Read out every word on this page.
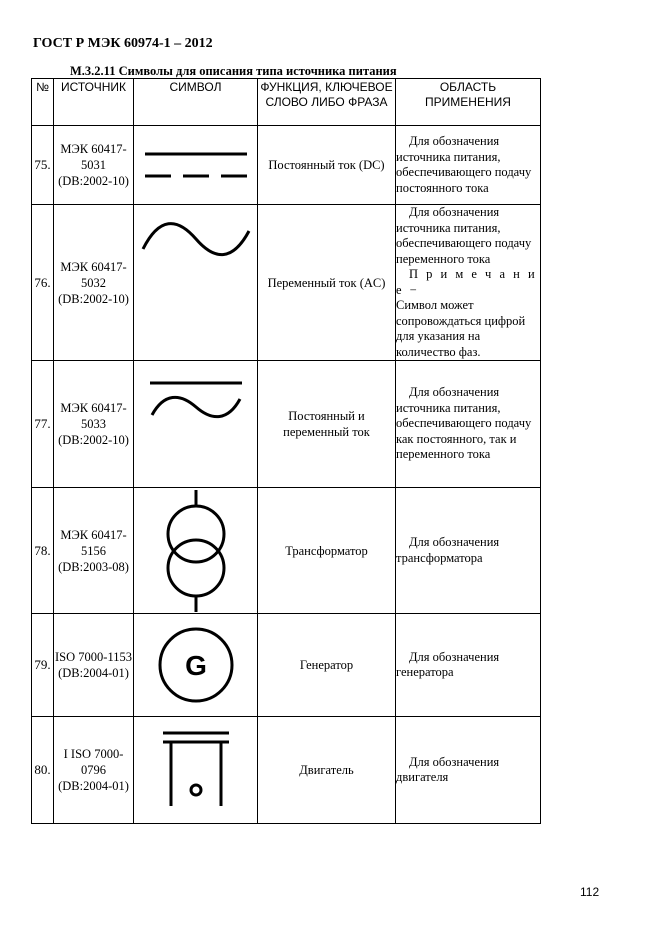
ГОСТ Р МЭК 60974-1 – 2012
М.3.2.11 Символы для описания типа источника питания
№	ИСТОЧНИК	СИМВОЛ	ФУНКЦИЯ, КЛЮЧЕВОЕ СЛОВО ЛИБО ФРАЗА	ОБЛАСТЬ ПРИМЕНЕНИЯ
75.	МЭК 60417-5031 (DB:2002-10)		Постоянный ток (DC)	Для обозначения источника питания, обеспечивающего подачу постоянного тока

76.	МЭК 60417-5032 (DB:2002-10)		Переменный ток (AC)	Для обозначения источника питания, обеспечивающего подачу переменного тока
П р и м е ч а н и е −
Символ может сопровождаться цифрой для указания на количество фаз.

77.	МЭК 60417-5033 (DB:2002-10)		Постоянный и переменный ток	Для обозначения источника питания, обеспечивающего подачу как постоянного, так и переменного тока

78.	МЭК 60417-5156 (DB:2003-08)		Трансформатор	Для обозначения трансформатора

79.	ISO 7000-1153 (DB:2004-01)	G	Генератор	Для обозначения генератора

80.	I ISO 7000-0796 (DB:2004-01)		Двигатель	Для обозначения двигателя
112
